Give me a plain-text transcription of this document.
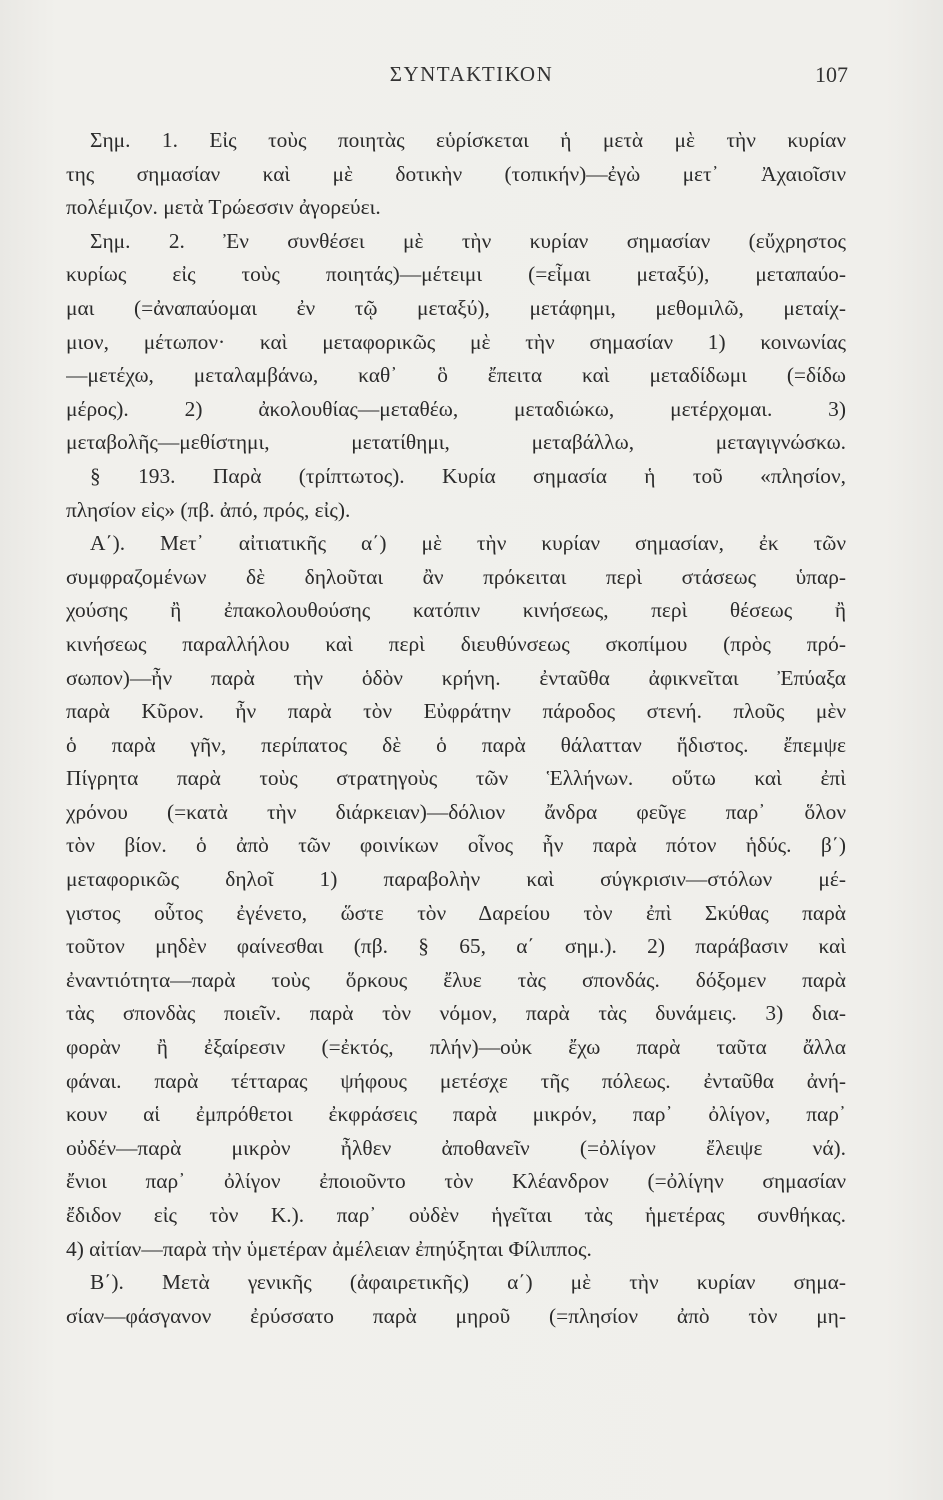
ΣΥΝΤΑΚΤΙΚΟΝ	107
Σημ. 1. Εἰς τοὺς ποιητὰς εὑρίσκεται ἡ μετὰ μὲ τὴν κυρίαν
της σημασίαν καὶ μὲ δοτικὴν (τοπικήν)—ἐγὼ μετ᾽ Ἀχαιοῖσιν
πολέμιζον. μετὰ Τρώεσσιν ἀγορεύει.
Σημ. 2. Ἐν συνθέσει μὲ τὴν κυρίαν σημασίαν (εὔχρηστος
κυρίως εἰς τοὺς ποιητάς)—μέτειμι (=εἶμαι μεταξύ), μεταπαύο-
μαι (=ἀναπαύομαι ἐν τῷ μεταξύ), μετάφημι, μεθομιλῶ, μεταίχ-
μιον, μέτωπον· καὶ μεταφορικῶς μὲ τὴν σημασίαν 1) κοινωνίας
—μετέχω, μεταλαμβάνω, καθ᾽ ὃ ἔπειτα καὶ μεταδίδωμι (=δίδω
μέρος). 2) ἀκολουθίας—μεταθέω, μεταδιώκω, μετέρχομαι. 3)
μεταβολῆς—μεθίστημι, μετατίθημι, μεταβάλλω, μεταγιγνώσκω.
§ 193. Παρὰ (τρίπτωτος). Κυρία σημασία ἡ τοῦ «πλησίον,
πλησίον εἰς» (πβ. ἀπό, πρός, εἰς).
Α΄). Μετ᾽ αἰτιατικῆς α΄) μὲ τὴν κυρίαν σημασίαν, ἐκ τῶν
συμφραζομένων δὲ δηλοῦται ἂν πρόκειται περὶ στάσεως ὑπαρ-
χούσης ἢ ἐπακολουθούσης κατόπιν κινήσεως, περὶ θέσεως ἢ
κινήσεως παραλλήλου καὶ περὶ διευθύνσεως σκοπίμου (πρὸς πρό-
σωπον)—ἦν παρὰ τὴν ὁδὸν κρήνη. ἐνταῦθα ἀφικνεῖται Ἐπύαξα
παρὰ Κῦρον. ἦν παρὰ τὸν Εὐφράτην πάροδος στενή. πλοῦς μὲν
ὁ παρὰ γῆν, περίπατος δὲ ὁ παρὰ θάλατταν ἥδιστος. ἔπεμψε
Πίγρητα παρὰ τοὺς στρατηγοὺς τῶν Ἑλλήνων. οὕτω καὶ ἐπὶ
χρόνου (=κατὰ τὴν διάρκειαν)—δόλιον ἄνδρα φεῦγε παρ᾽ ὅλον
τὸν βίον. ὁ ἀπὸ τῶν φοινίκων οἶνος ἦν παρὰ πότον ἡδύς. β΄)
μεταφορικῶς δηλοῖ 1) παραβολὴν καὶ σύγκρισιν—στόλων μέ-
γιστος οὗτος ἐγένετο, ὥστε τὸν Δαρείου τὸν ἐπὶ Σκύθας παρὰ
τοῦτον μηδὲν φαίνεσθαι (πβ. § 65, α΄ σημ.). 2) παράβασιν καὶ
ἐναντιότητα—παρὰ τοὺς ὅρκους ἔλυε τὰς σπονδάς. δόξομεν παρὰ
τὰς σπονδὰς ποιεῖν. παρὰ τὸν νόμον, παρὰ τὰς δυνάμεις. 3) δια-
φορὰν ἢ ἐξαίρεσιν (=ἐκτός, πλήν)—οὐκ ἔχω παρὰ ταῦτα ἄλλα
φάναι. παρὰ τέτταρας ψήφους μετέσχε τῆς πόλεως. ἐνταῦθα ἀνή-
κουν αἱ ἐμπρόθετοι ἐκφράσεις παρὰ μικρόν, παρ᾽ ὀλίγον, παρ᾽
οὐδέν—παρὰ μικρὸν ἦλθεν ἀποθανεῖν (=ὀλίγον ἔλειψε νά).
ἔνιοι παρ᾽ ὀλίγον ἐποιοῦντο τὸν Κλέανδρον (=ὀλίγην σημασίαν
ἔδιδον εἰς τὸν Κ.). παρ᾽ οὐδὲν ἡγεῖται τὰς ἡμετέρας συνθήκας.
4) αἰτίαν—παρὰ τὴν ὑμετέραν ἀμέλειαν ἐπηύξηται Φίλιππος.
Β΄). Μετὰ γενικῆς (ἀφαιρετικῆς) α΄) μὲ τὴν κυρίαν σημα-
σίαν—φάσγανον ἐρύσσατο παρὰ μηροῦ (=πλησίον ἀπὸ τὸν μη-
